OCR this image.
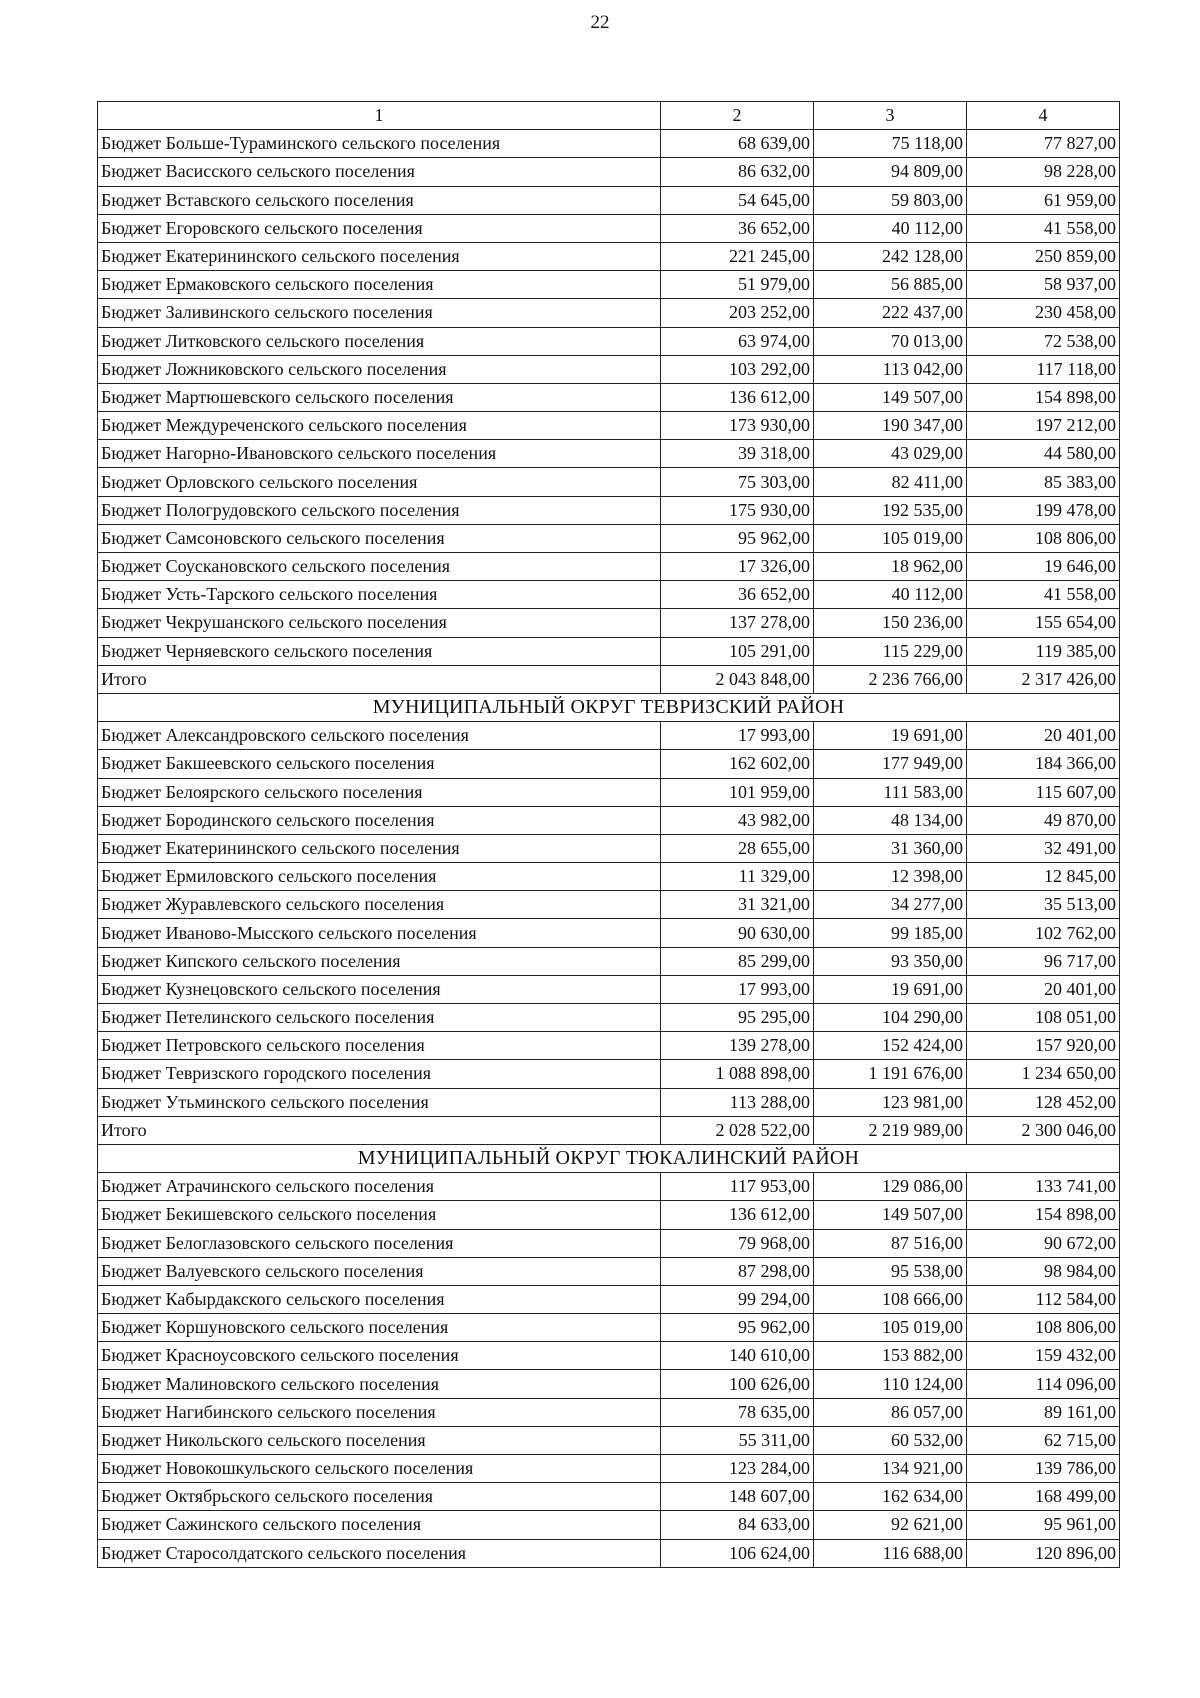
22
1	2	3	4
Бюджет Больше-Тураминского сельского поселения	68 639,00	75 118,00	77 827,00
Бюджет Васисского сельского поселения	86 632,00	94 809,00	98 228,00
Бюджет Вставского сельского поселения	54 645,00	59 803,00	61 959,00
Бюджет Егоровского сельского поселения	36 652,00	40 112,00	41 558,00
Бюджет Екатерининского сельского поселения	221 245,00	242 128,00	250 859,00
Бюджет Ермаковского сельского поселения	51 979,00	56 885,00	58 937,00
Бюджет Заливинского сельского поселения	203 252,00	222 437,00	230 458,00
Бюджет Литковского сельского поселения	63 974,00	70 013,00	72 538,00
Бюджет Ложниковского сельского поселения	103 292,00	113 042,00	117 118,00
Бюджет Мартюшевского сельского поселения	136 612,00	149 507,00	154 898,00
Бюджет Междуреченского сельского поселения	173 930,00	190 347,00	197 212,00
Бюджет Нагорно-Ивановского сельского поселения	39 318,00	43 029,00	44 580,00
Бюджет Орловского сельского поселения	75 303,00	82 411,00	85 383,00
Бюджет Пологрудовского сельского поселения	175 930,00	192 535,00	199 478,00
Бюджет Самсоновского сельского поселения	95 962,00	105 019,00	108 806,00
Бюджет Соускановского сельского поселения	17 326,00	18 962,00	19 646,00
Бюджет Усть-Тарского сельского поселения	36 652,00	40 112,00	41 558,00
Бюджет Чекрушанского сельского поселения	137 278,00	150 236,00	155 654,00
Бюджет Черняевского сельского поселения	105 291,00	115 229,00	119 385,00
Итого	2 043 848,00	2 236 766,00	2 317 426,00
МУНИЦИПАЛЬНЫЙ ОКРУГ ТЕВРИЗСКИЙ РАЙОН			
Бюджет Александровского сельского поселения	17 993,00	19 691,00	20 401,00
Бюджет Бакшеевского сельского поселения	162 602,00	177 949,00	184 366,00
Бюджет Белоярского сельского поселения	101 959,00	111 583,00	115 607,00
Бюджет Бородинского сельского поселения	43 982,00	48 134,00	49 870,00
Бюджет Екатерининского сельского поселения	28 655,00	31 360,00	32 491,00
Бюджет Ермиловского сельского поселения	11 329,00	12 398,00	12 845,00
Бюджет Журавлевского сельского поселения	31 321,00	34 277,00	35 513,00
Бюджет Иваново-Мысского сельского поселения	90 630,00	99 185,00	102 762,00
Бюджет Кипского сельского поселения	85 299,00	93 350,00	96 717,00
Бюджет Кузнецовского сельского поселения	17 993,00	19 691,00	20 401,00
Бюджет Петелинского сельского поселения	95 295,00	104 290,00	108 051,00
Бюджет Петровского сельского поселения	139 278,00	152 424,00	157 920,00
Бюджет Тевризского городского поселения	1 088 898,00	1 191 676,00	1 234 650,00
Бюджет Утьминского сельского поселения	113 288,00	123 981,00	128 452,00
Итого	2 028 522,00	2 219 989,00	2 300 046,00
МУНИЦИПАЛЬНЫЙ ОКРУГ ТЮКАЛИНСКИЙ РАЙОН			
Бюджет Атрачинского сельского поселения	117 953,00	129 086,00	133 741,00
Бюджет Бекишевского сельского поселения	136 612,00	149 507,00	154 898,00
Бюджет Белоглазовского сельского поселения	79 968,00	87 516,00	90 672,00
Бюджет Валуевского сельского поселения	87 298,00	95 538,00	98 984,00
Бюджет Кабырдакского сельского поселения	99 294,00	108 666,00	112 584,00
Бюджет Коршуновского сельского поселения	95 962,00	105 019,00	108 806,00
Бюджет Красноусовского сельского поселения	140 610,00	153 882,00	159 432,00
Бюджет Малиновского сельского поселения	100 626,00	110 124,00	114 096,00
Бюджет Нагибинского сельского поселения	78 635,00	86 057,00	89 161,00
Бюджет Никольского сельского поселения	55 311,00	60 532,00	62 715,00
Бюджет Новокошкульского сельского поселения	123 284,00	134 921,00	139 786,00
Бюджет Октябрьского сельского поселения	148 607,00	162 634,00	168 499,00
Бюджет Сажинского сельского поселения	84 633,00	92 621,00	95 961,00
Бюджет Старосолдатского сельского поселения	106 624,00	116 688,00	120 896,00
